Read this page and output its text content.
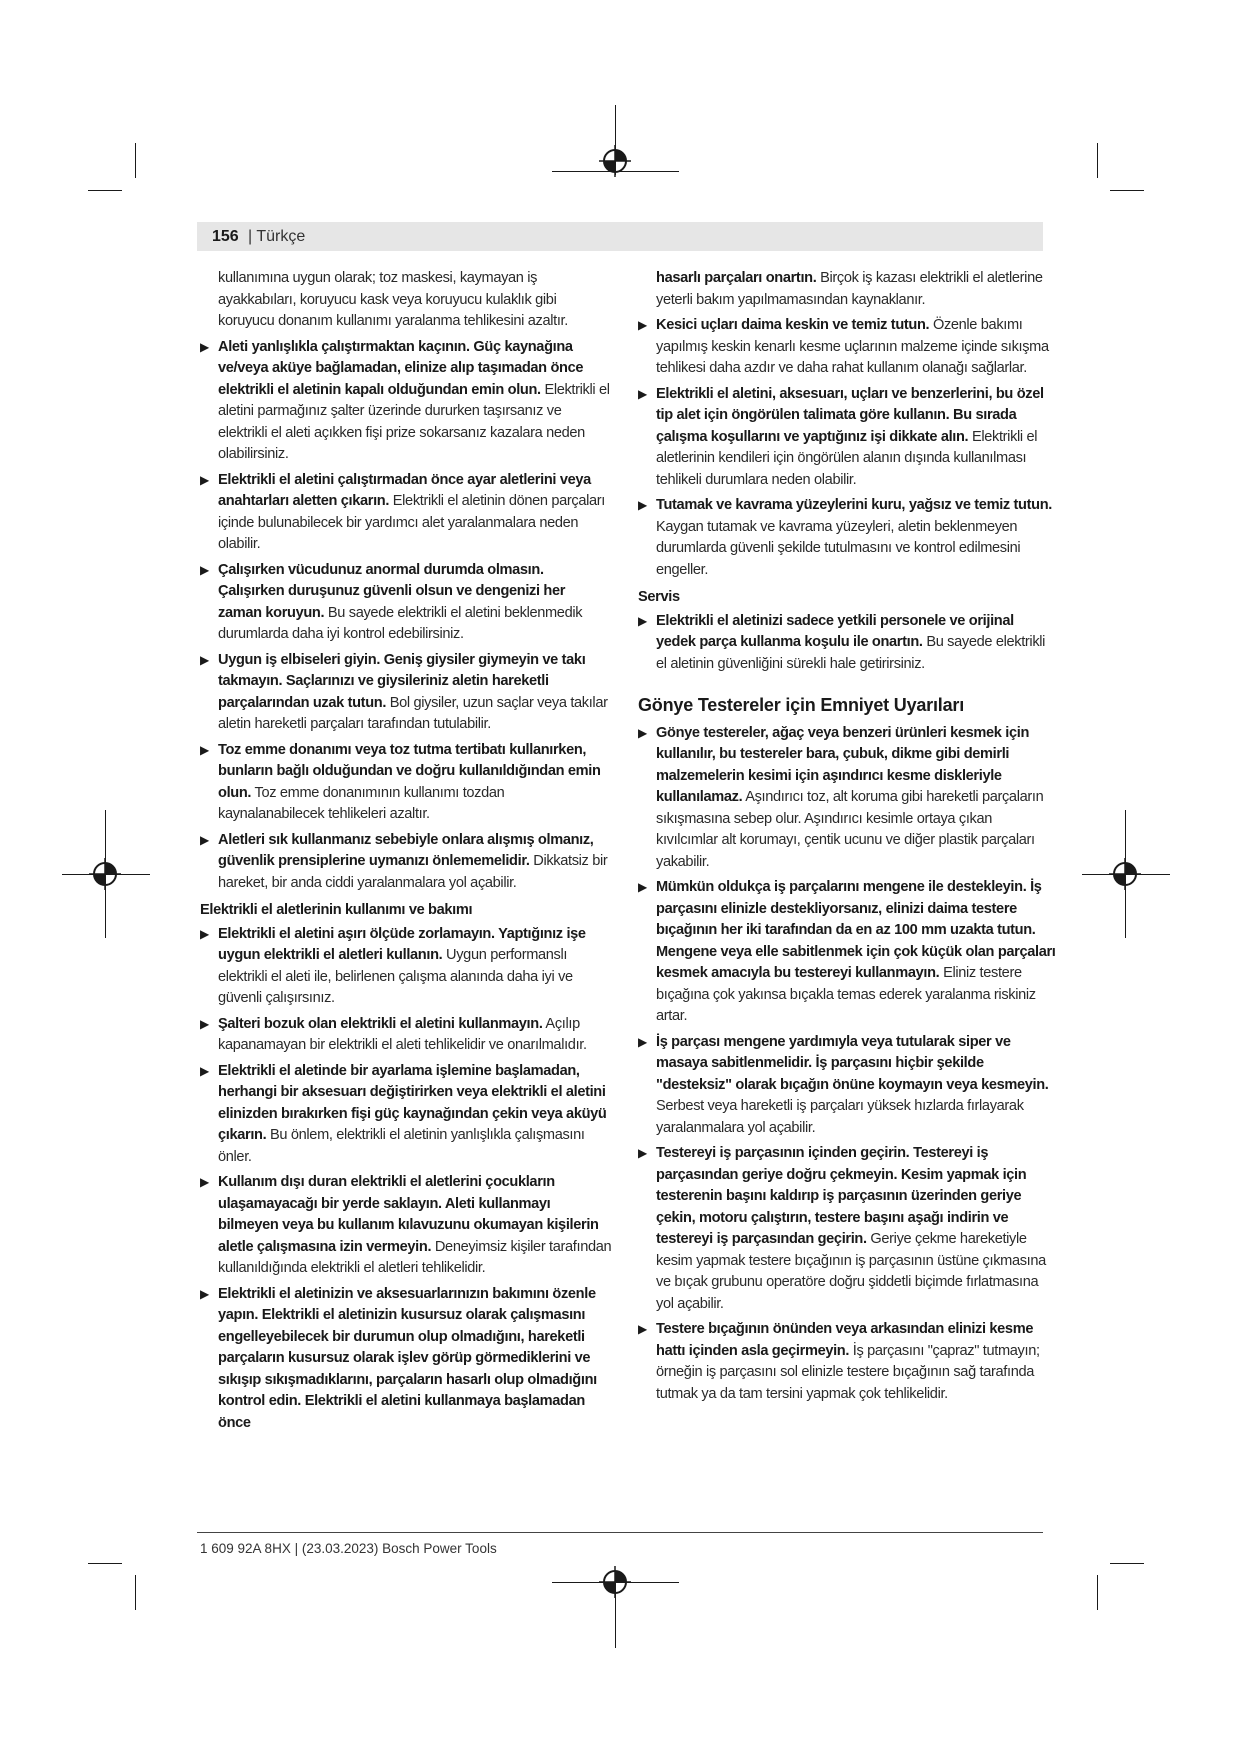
156 | Türkçe
kullanımına uygun olarak; toz maskesi, kaymayan iş ayakkabıları, koruyucu kask veya koruyucu kulaklık gibi koruyucu donanım kullanımı yaralanma tehlikesini azaltır.
▶ Aleti yanlışlıkla çalıştırmaktan kaçının. Güç kaynağına ve/veya aküye bağlamadan, elinize alıp taşımadan önce elektrikli el aletinin kapalı olduğundan emin olun. Elektrikli el aletini parmağınız şalter üzerinde dururken taşırsanız ve elektrikli el aleti açıkken fişi prize sokarsanız kazalara neden olabilirsiniz.
▶ Elektrikli el aletini çalıştırmadan önce ayar aletlerini veya anahtarları aletten çıkarın. Elektrikli el aletinin dönen parçaları içinde bulunabilecek bir yardımcı alet yaralanmalara neden olabilir.
▶ Çalışırken vücudunuz anormal durumda olmasın. Çalışırken duruşunuz güvenli olsun ve dengenizi her zaman koruyun. Bu sayede elektrikli el aletini beklenmedik durumlarda daha iyi kontrol edebilirsiniz.
▶ Uygun iş elbiseleri giyin. Geniş giysiler giymeyin ve takı takmayın. Saçlarınızı ve giysileriniz aletin hareketli parçalarından uzak tutun. Bol giysiler, uzun saçlar veya takılar aletin hareketli parçaları tarafından tutulabilir.
▶ Toz emme donanımı veya toz tutma tertibatı kullanırken, bunların bağlı olduğundan ve doğru kullanıldığından emin olun. Toz emme donanımının kullanımı tozdan kaynalanabilecek tehlikeleri azaltır.
▶ Aletleri sık kullanmanız sebebiyle onlara alışmış olmanız, güvenlik prensiplerine uymanızı önlememelidir. Dikkatsiz bir hareket, bir anda ciddi yaralanmalara yol açabilir.
Elektrikli el aletlerinin kullanımı ve bakımı
▶ Elektrikli el aletini aşırı ölçüde zorlamayın. Yaptığınız işe uygun elektrikli el aletleri kullanın. Uygun performanslı elektrikli el aleti ile, belirlenen çalışma alanında daha iyi ve güvenli çalışırsınız.
▶ Şalteri bozuk olan elektrikli el aletini kullanmayın. Açılıp kapanamayan bir elektrikli el aleti tehlikelidir ve onarılmalıdır.
▶ Elektrikli el aletinde bir ayarlama işlemine başlamadan, herhangi bir aksesuarı değiştirirken veya elektrikli el aletini elinizden bırakırken fişi güç kaynağından çekin veya aküyü çıkarın. Bu önlem, elektrikli el aletinin yanlışlıkla çalışmasını önler.
▶ Kullanım dışı duran elektrikli el aletlerini çocukların ulaşamayacağı bir yerde saklayın. Aleti kullanmayı bilmeyen veya bu kullanım kılavuzunu okumayan kişilerin aletle çalışmasına izin vermeyin. Deneyimsiz kişiler tarafından kullanıldığında elektrikli el aletleri tehlikelidir.
▶ Elektrikli el aletinizin ve aksesuarlarınızın bakımını özenle yapın. Elektrikli el aletinizin kusursuz olarak çalışmasını engelleyebilecek bir durumun olup olmadığını, hareketli parçaların kusursuz olarak işlev görüp görmediklerini ve sıkışıp sıkışmadıklarını, parçaların hasarlı olup olmadığını kontrol edin. Elektrikli el aletini kullanmaya başlamadan önce
hasarlı parçaları onartın. Birçok iş kazası elektrikli el aletlerine yeterli bakım yapılmamasından kaynaklanır.
▶ Kesici uçları daima keskin ve temiz tutun. Özenle bakımı yapılmış keskin kenarlı kesme uçlarının malzeme içinde sıkışma tehlikesi daha azdır ve daha rahat kullanım olanağı sağlarlar.
▶ Elektrikli el aletini, aksesuarı, uçları ve benzerlerini, bu özel tip alet için öngörülen talimata göre kullanın. Bu sırada çalışma koşullarını ve yaptığınız işi dikkate alın. Elektrikli el aletlerinin kendileri için öngörülen alanın dışında kullanılması tehlikeli durumlara neden olabilir.
▶ Tutamak ve kavrama yüzeylerini kuru, yağsız ve temiz tutun. Kaygan tutamak ve kavrama yüzeyleri, aletin beklenmeyen durumlarda güvenli şekilde tutulmasını ve kontrol edilmesini engeller.
Servis
▶ Elektrikli el aletinizi sadece yetkili personele ve orijinal yedek parça kullanma koşulu ile onartın. Bu sayede elektrikli el aletinin güvenliğini sürekli hale getirirsiniz.
Gönye Testereler için Emniyet Uyarıları
▶ Gönye testereler, ağaç veya benzeri ürünleri kesmek için kullanılır, bu testereler bara, çubuk, dikme gibi demirli malzemelerin kesimi için aşındırıcı kesme diskleriyle kullanılamaz. Aşındırıcı toz, alt koruma gibi hareketli parçaların sıkışmasına sebep olur. Aşındırıcı kesimle ortaya çıkan kıvılcımlar alt korumayı, çentik ucunu ve diğer plastik parçaları yakabilir.
▶ Mümkün oldukça iş parçalarını mengene ile destekleyin. İş parçasını elinizle destekliyorsanız, elinizi daima testere bıçağının her iki tarafından da en az 100 mm uzakta tutun. Mengene veya elle sabitlenmek için çok küçük olan parçaları kesmek amacıyla bu testereyi kullanmayın. Eliniz testere bıçağına çok yakınsa bıçakla temas ederek yaralanma riskiniz artar.
▶ İş parçası mengene yardımıyla veya tutularak siper ve masaya sabitlenmelidir. İş parçasını hiçbir şekilde "desteksiz" olarak bıçağın önüne koymayın veya kesmeyin. Serbest veya hareketli iş parçaları yüksek hızlarda fırlayarak yaralanmalara yol açabilir.
▶ Testereyi iş parçasının içinden geçirin. Testereyi iş parçasından geriye doğru çekmeyin. Kesim yapmak için testerenin başını kaldırıp iş parçasının üzerinden geriye çekin, motoru çalıştırın, testere başını aşağı indirin ve testereyi iş parçasından geçirin. Geriye çekme hareketiyle kesim yapmak testere bıçağının iş parçasının üstüne çıkmasına ve bıçak grubunu operatöre doğru şiddetli biçimde fırlatmasına yol açabilir.
▶ Testere bıçağının önünden veya arkasından elinizi kesme hattı içinden asla geçirmeyin. İş parçasını "çapraz" tutmayın; örneğin iş parçasını sol elinizle testere bıçağının sağ tarafında tutmak ya da tam tersini yapmak çok tehlikelidir.
1 609 92A 8HX | (23.03.2023) Bosch Power Tools
